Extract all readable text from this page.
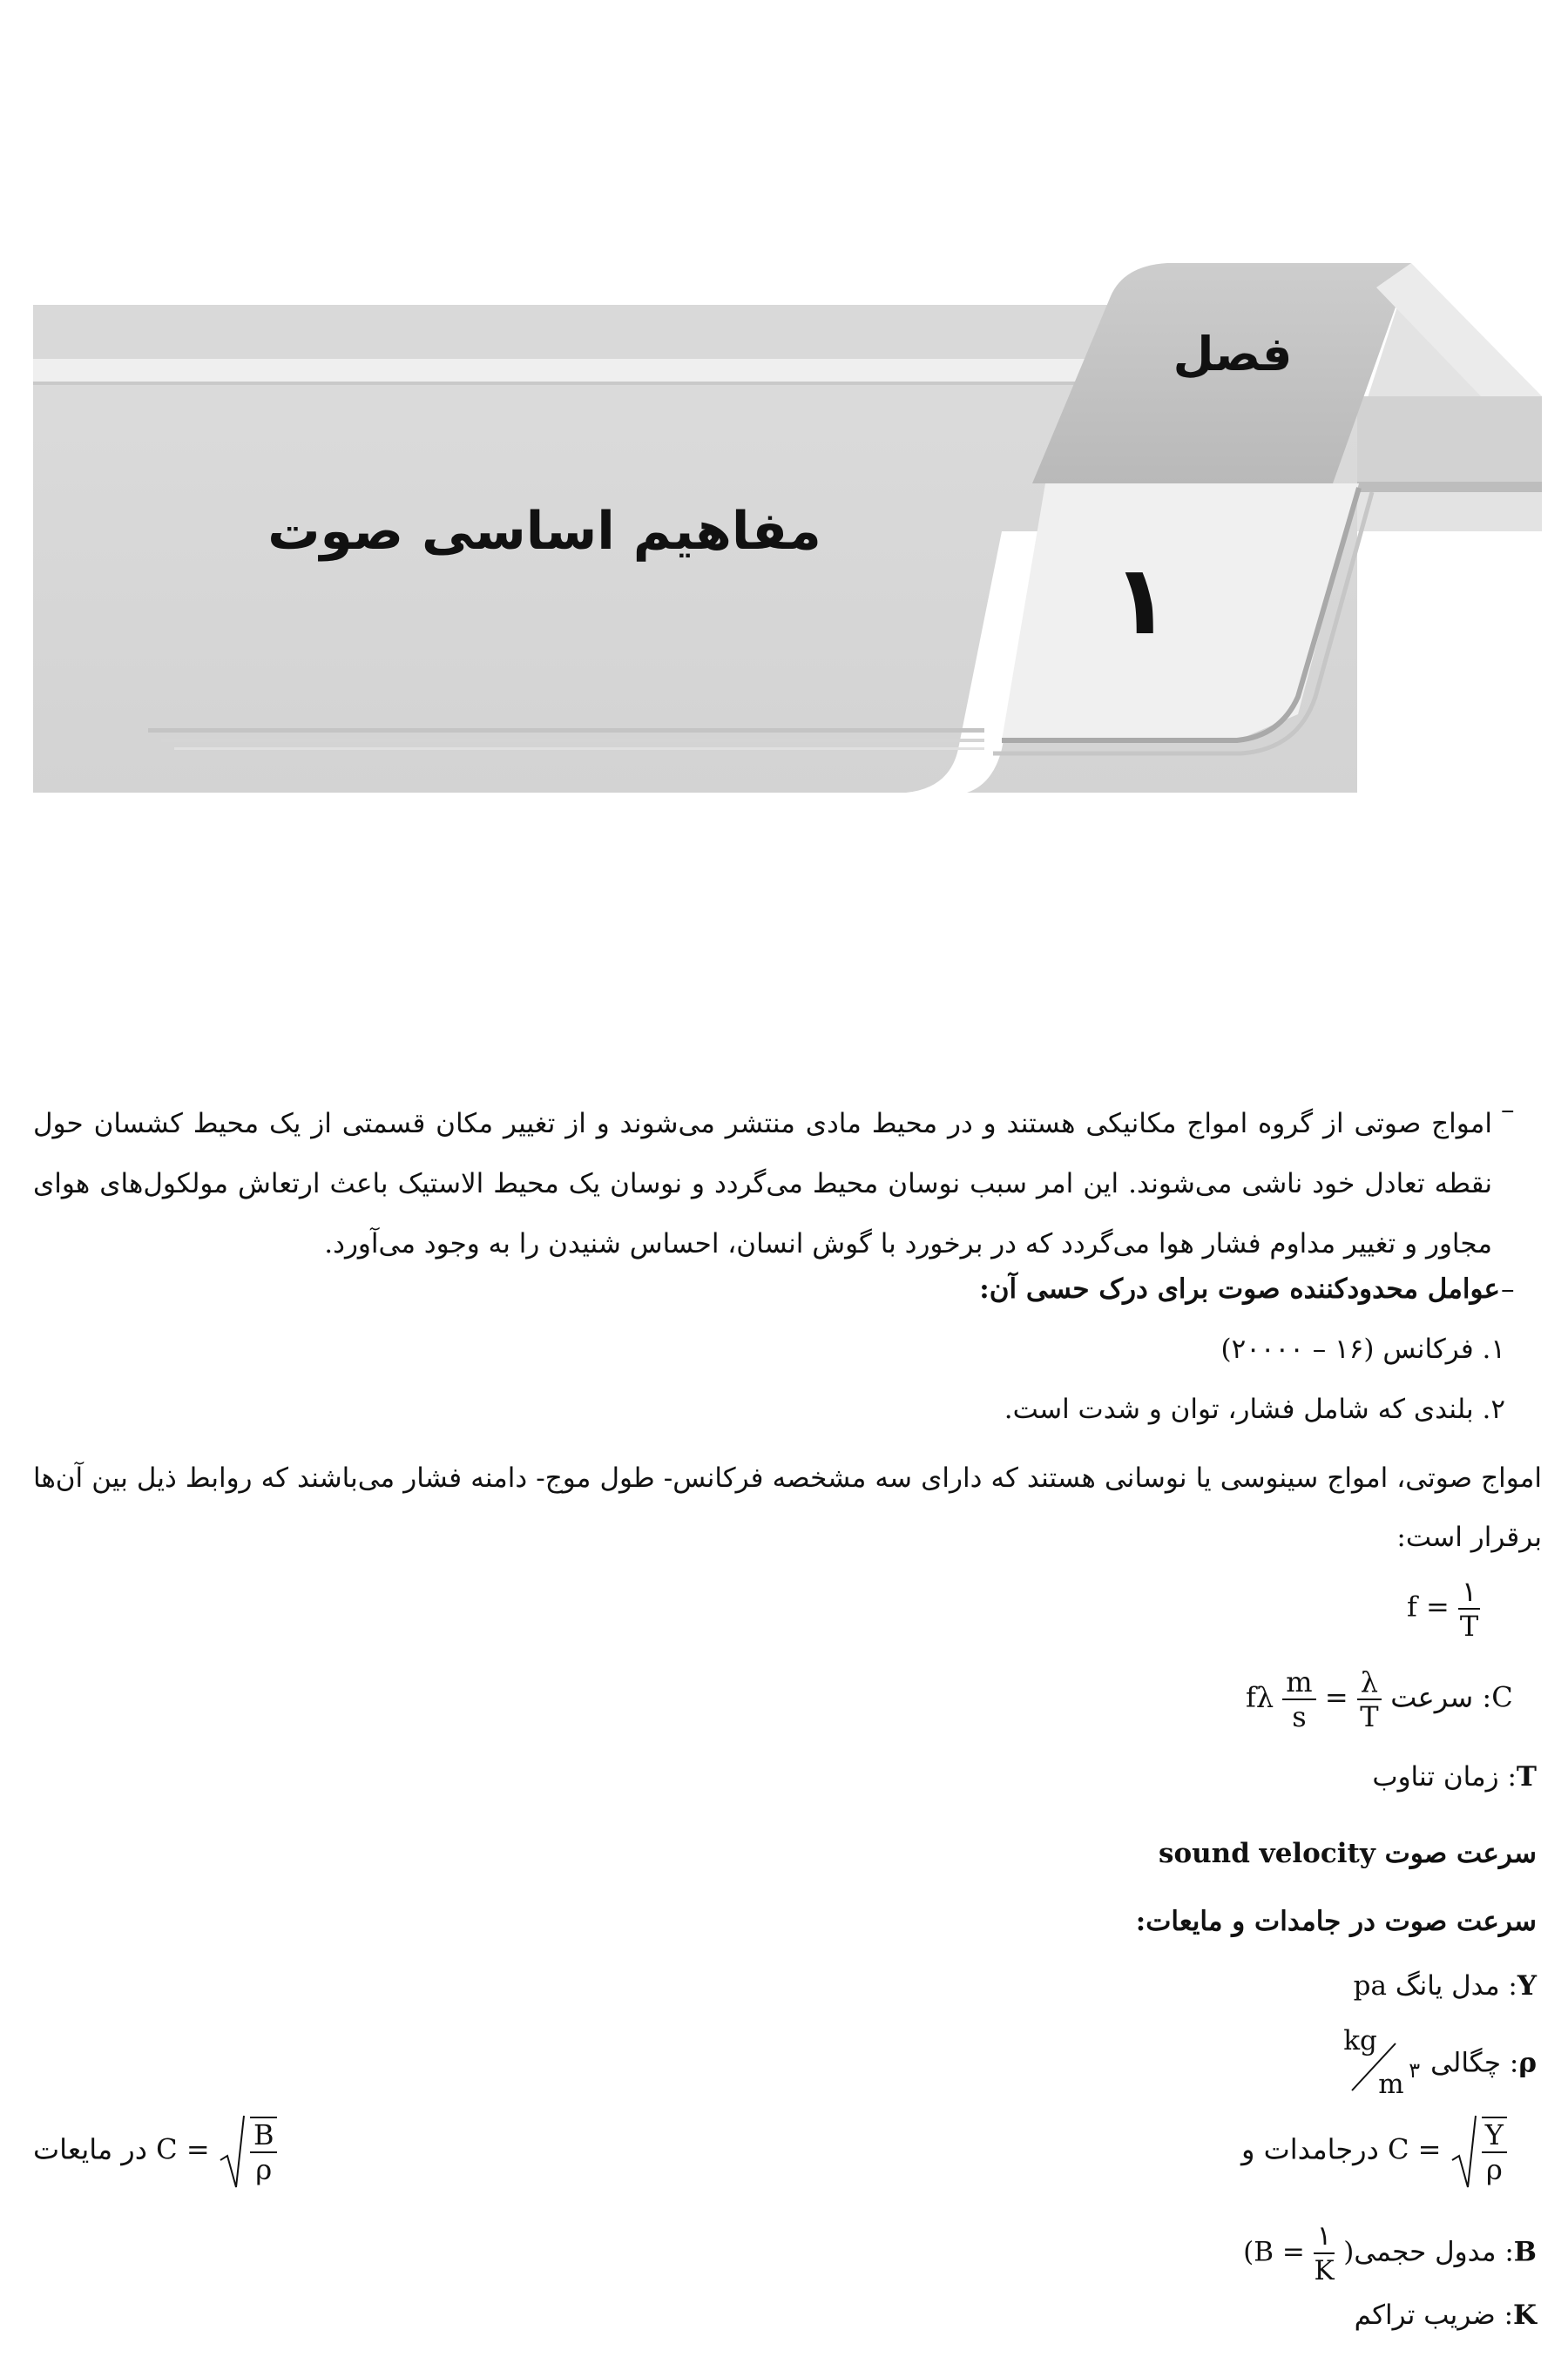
فصل
مفاهیم اساسی صوت
۱
–
امواج صوتی از گروه امواج مکانیکی هستند و در محیط مادی منتشر می‌شوند و از تغییر مکان قسمتی از یک محیط کشسان حول نقطه تعادل خود ناشی می‌شوند. این امر سبب نوسان محیط می‌گردد و نوسان یک محیط الاستیک باعث ارتعاش مولکول‌های هوای مجاور و تغییر مداوم فشار هوا می‌گردد که در برخورد با گوش انسان، احساس شنیدن را به وجود می‌آورد.
–
عوامل محدودکننده صوت برای درک حسی آن:
۱. فرکانس (۱۶ – ۲۰۰۰۰)
۲. بلندی که شامل فشار، توان و شدت است.
امواج صوتی، امواج سینوسی یا نوسانی هستند که دارای سه مشخصه فرکانس- طول موج- دامنه فشار می‌باشند که روابط ذیل بین آن‌ها برقرار است:
$f = \frac{۱}{T}$
fλ $\frac{m}{s} = \frac{\lambda}{T} C$: سرعت
T: زمان تناوب
سرعت صوت sound velocity
سرعت صوت در جامدات و مایعات:
Y: مدل یانگ pa
ρ: چگالی
kg
m ۳
درجامدات و $C = \frac{Y}{\rho}$
در مایعات $C = \frac{B}{\rho}$
($B = \frac{۱}{K}$ )	B: مدول حجمی
K: ضریب تراکم
